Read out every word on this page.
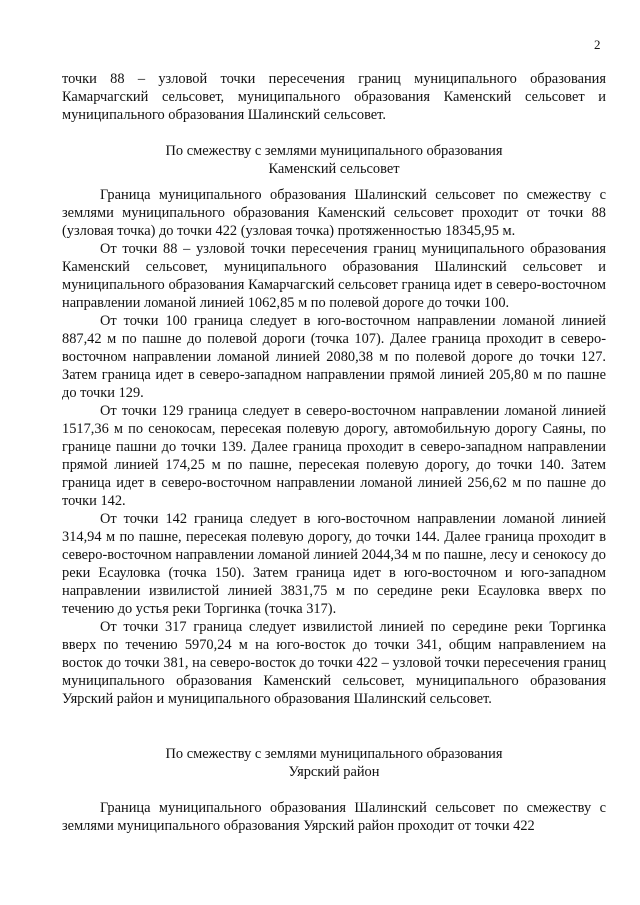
2

точки 88 – узловой точки пересечения границ муниципального образования Камарчагский сельсовет, муниципального образования Каменский сельсовет и муниципального образования Шалинский сельсовет.

По смежеству с землями муниципального образования
Каменский сельсовет

Граница муниципального образования Шалинский сельсовет по смежеству с землями муниципального образования Каменский сельсовет проходит от точки 88 (узловая точка) до точки 422 (узловая точка) протяженностью 18345,95 м.

От точки 88 – узловой точки пересечения границ муниципального образования Каменский сельсовет, муниципального образования Шалинский сельсовет и муниципального образования Камарчагский сельсовет граница идет в северо-восточном направлении ломаной линией 1062,85 м по полевой дороге до точки 100.

От точки 100 граница следует в юго-восточном направлении ломаной линией 887,42 м по пашне до полевой дороги (точка 107). Далее граница проходит в северо-восточном направлении ломаной линией 2080,38 м по полевой дороге до точки 127. Затем граница идет в северо-западном направлении прямой линией 205,80 м по пашне до точки 129.

От точки 129 граница следует в северо-восточном направлении ломаной линией 1517,36 м по сенокосам, пересекая полевую дорогу, автомобильную дорогу Саяны, по границе пашни до точки 139. Далее граница проходит в северо-западном направлении прямой линией 174,25 м по пашне, пересекая полевую дорогу, до точки 140. Затем граница идет в северо-восточном направлении ломаной линией 256,62 м по пашне до точки 142.

От точки 142 граница следует в юго-восточном направлении ломаной линией 314,94 м по пашне, пересекая полевую дорогу, до точки 144. Далее граница проходит в северо-восточном направлении ломаной линией 2044,34 м по пашне, лесу и сенокосу до реки Есауловка (точка 150). Затем граница идет в юго-восточном и юго-западном направлении извилистой линией 3831,75 м по середине реки Есауловка вверх по течению до устья реки Торгинка (точка 317).

От точки 317 граница следует извилистой линией по середине реки Торгинка вверх по течению 5970,24 м на юго-восток до точки 341, общим направлением на восток до точки 381, на северо-восток до точки 422 – узловой точки пересечения границ муниципального образования Каменский сельсовет, муниципального образования Уярский район и муниципального образования Шалинский сельсовет.

По смежеству с землями муниципального образования
Уярский район

Граница муниципального образования Шалинский сельсовет по смежеству с землями муниципального образования Уярский район проходит от точки 422
